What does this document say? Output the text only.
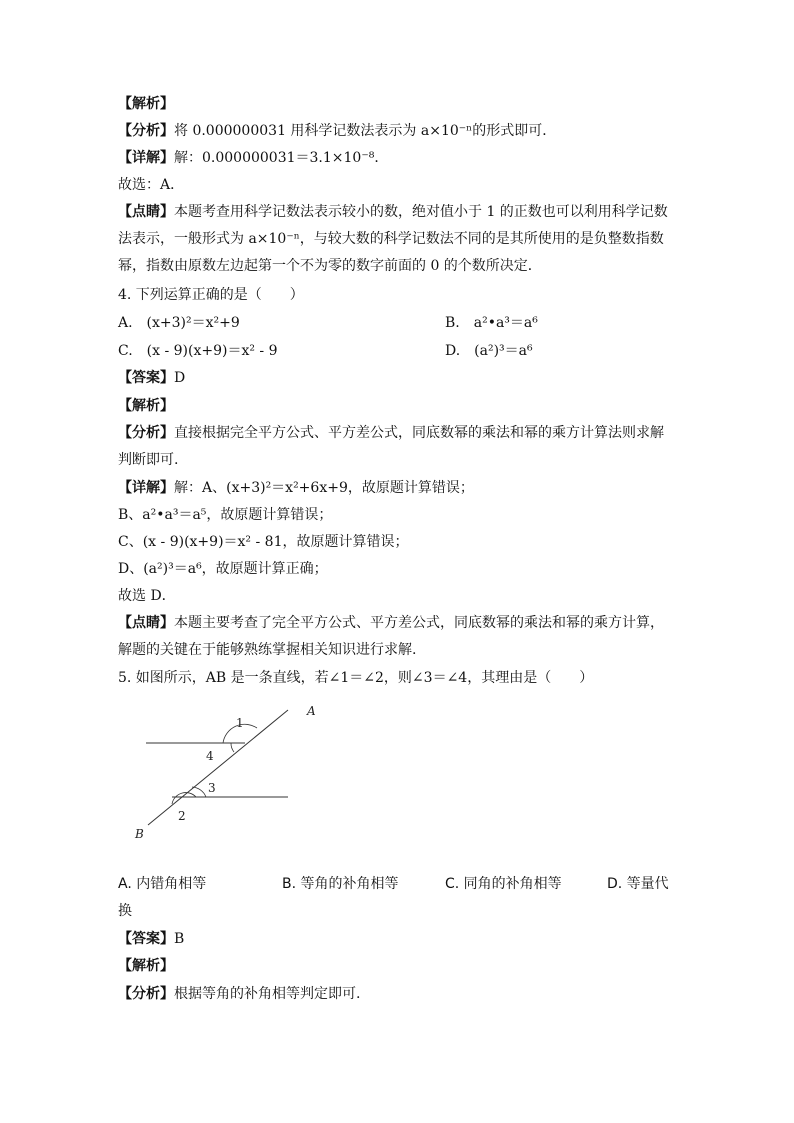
【解析】
【分析】将 0.000000031 用科学记数法表示为 a×10⁻ⁿ的形式即可．
【详解】解：0.000000031＝3.1×10⁻⁸．
故选：A．
【点睛】本题考查用科学记数法表示较小的数，绝对值小于 1 的正数也可以利用科学记数
法表示，一般形式为 a×10⁻ⁿ，与较大数的科学记数法不同的是其所使用的是负整数指数
幂，指数由原数左边起第一个不为零的数字前面的 0 的个数所决定．
4. 下列运算正确的是（　　）
A.　(x+3)²＝x²+9	B.　a²•a³＝a⁶
C.　(x - 9)(x+9)＝x² - 9	D.　(a²)³＝a⁶
【答案】D
【解析】
【分析】直接根据完全平方公式、平方差公式，同底数幂的乘法和幂的乘方计算法则求解
判断即可.
【详解】解：A、(x+3)²＝x²+6x+9，故原题计算错误；
B、a²•a³＝a⁵，故原题计算错误；
C、(x - 9)(x+9)＝x² - 81，故原题计算错误；
D、(a²)³＝a⁶，故原题计算正确；
故选 D．
【点睛】本题主要考查了完全平方公式、平方差公式，同底数幂的乘法和幂的乘方计算，
解题的关键在于能够熟练掌握相关知识进行求解.
5. 如图所示，AB 是一条直线，若∠1＝∠2，则∠3＝∠4，其理由是（　　）
1
4
3
2
A
B
A. 内错角相等	B. 等角的补角相等	C. 同角的补角相等	D. 等量代
换
【答案】B
【解析】
【分析】根据等角的补角相等判定即可.
